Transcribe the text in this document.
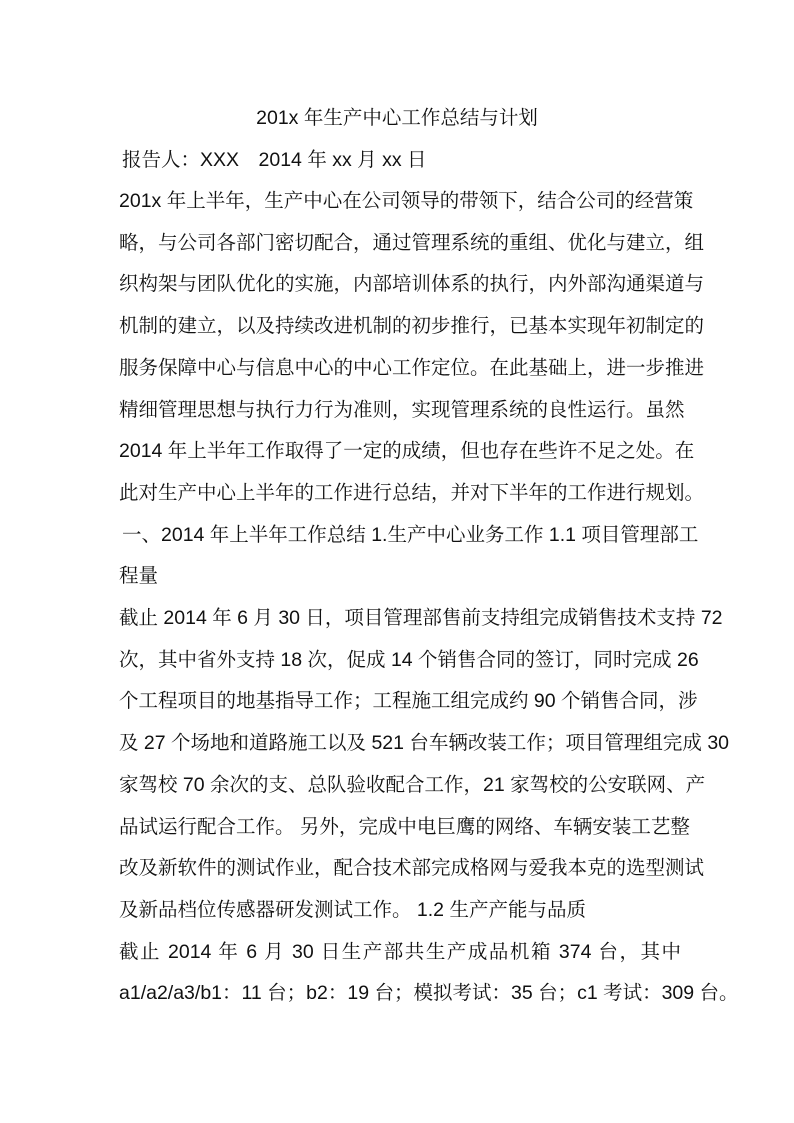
201x 年生产中心工作总结与计划
报告人：XXX　2014 年 xx 月 xx 日
201x 年上半年，生产中心在公司领导的带领下，结合公司的经营策
略，与公司各部门密切配合，通过管理系统的重组、优化与建立，组
织构架与团队优化的实施，内部培训体系的执行，内外部沟通渠道与
机制的建立，以及持续改进机制的初步推行，已基本实现年初制定的
服务保障中心与信息中心的中心工作定位。在此基础上，进一步推进
精细管理思想与执行力行为准则，实现管理系统的良性运行。虽然
2014 年上半年工作取得了一定的成绩，但也存在些许不足之处。在
此对生产中心上半年的工作进行总结，并对下半年的工作进行规划。
一、2014 年上半年工作总结 1.生产中心业务工作 1.1 项目管理部工
程量
截止 2014 年 6 月 30 日，项目管理部售前支持组完成销售技术支持 72
次，其中省外支持 18 次，促成 14 个销售合同的签订，同时完成 26
个工程项目的地基指导工作；工程施工组完成约 90 个销售合同，涉
及 27 个场地和道路施工以及 521 台车辆改装工作；项目管理组完成 30
家驾校 70 余次的支、总队验收配合工作，21 家驾校的公安联网、产
品试运行配合工作。 另外，完成中电巨鹰的网络、车辆安装工艺整
改及新软件的测试作业，配合技术部完成格网与爱我本克的选型测试
及新品档位传感器研发测试工作。 1.2 生产产能与品质
截止 2014 年 6 月 30 日生产部共生产成品机箱 374 台，其中
a1/a2/a3/b1：11 台；b2：19 台；模拟考试：35 台；c1 考试：309 台。
